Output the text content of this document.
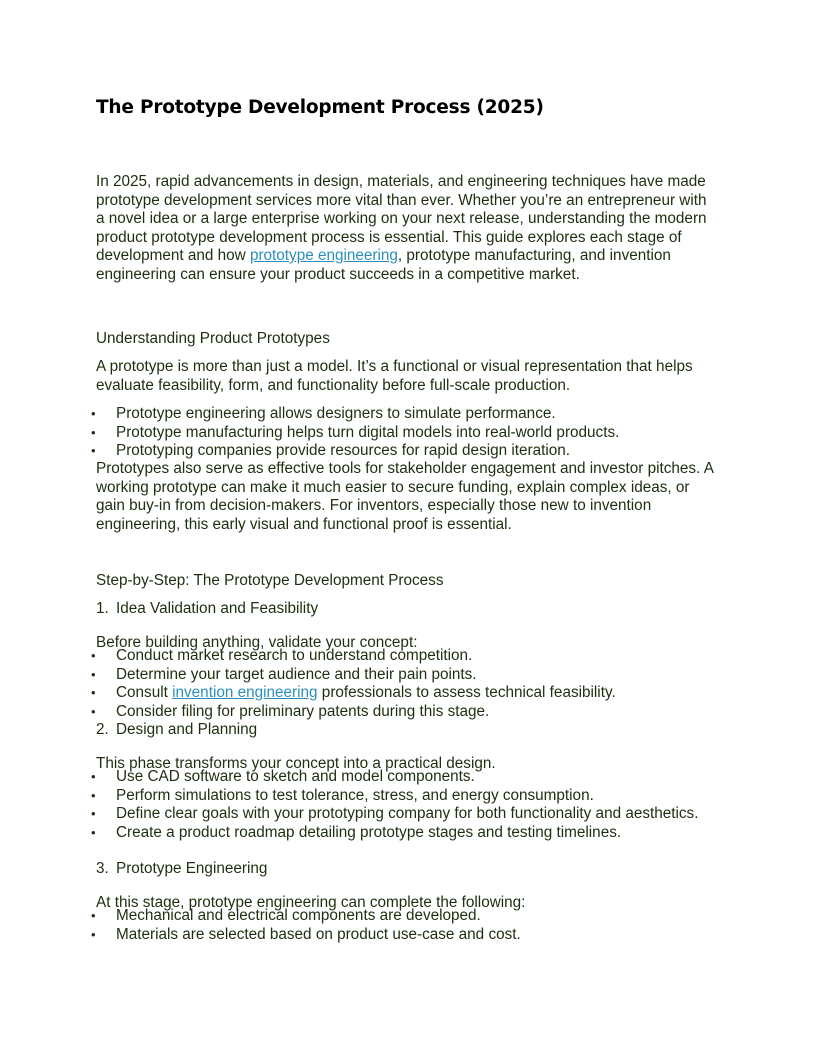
The Prototype Development Process (2025)

In 2025, rapid advancements in design, materials, and engineering techniques have made prototype development services more vital than ever. Whether you’re an entrepreneur with a novel idea or a large enterprise working on your next release, understanding the modern product prototype development process is essential. This guide explores each stage of development and how prototype engineering, prototype manufacturing, and invention engineering can ensure your product succeeds in a competitive market.

Understanding Product Prototypes

A prototype is more than just a model. It’s a functional or visual representation that helps evaluate feasibility, form, and functionality before full-scale production.

• Prototype engineering allows designers to simulate performance.
• Prototype manufacturing helps turn digital models into real-world products.
• Prototyping companies provide resources for rapid design iteration.

Prototypes also serve as effective tools for stakeholder engagement and investor pitches. A working prototype can make it much easier to secure funding, explain complex ideas, or gain buy-in from decision-makers. For inventors, especially those new to invention engineering, this early visual and functional proof is essential.

Step-by-Step: The Prototype Development Process

1. Idea Validation and Feasibility

Before building anything, validate your concept:

• Conduct market research to understand competition.
• Determine your target audience and their pain points.
• Consult invention engineering professionals to assess technical feasibility.
• Consider filing for preliminary patents during this stage.
2. Design and Planning

This phase transforms your concept into a practical design.

• Use CAD software to sketch and model components.
• Perform simulations to test tolerance, stress, and energy consumption.
• Define clear goals with your prototyping company for both functionality and aesthetics.
• Create a product roadmap detailing prototype stages and testing timelines.
3. Prototype Engineering

At this stage, prototype engineering can complete the following:

• Mechanical and electrical components are developed.
• Materials are selected based on product use-case and cost.
